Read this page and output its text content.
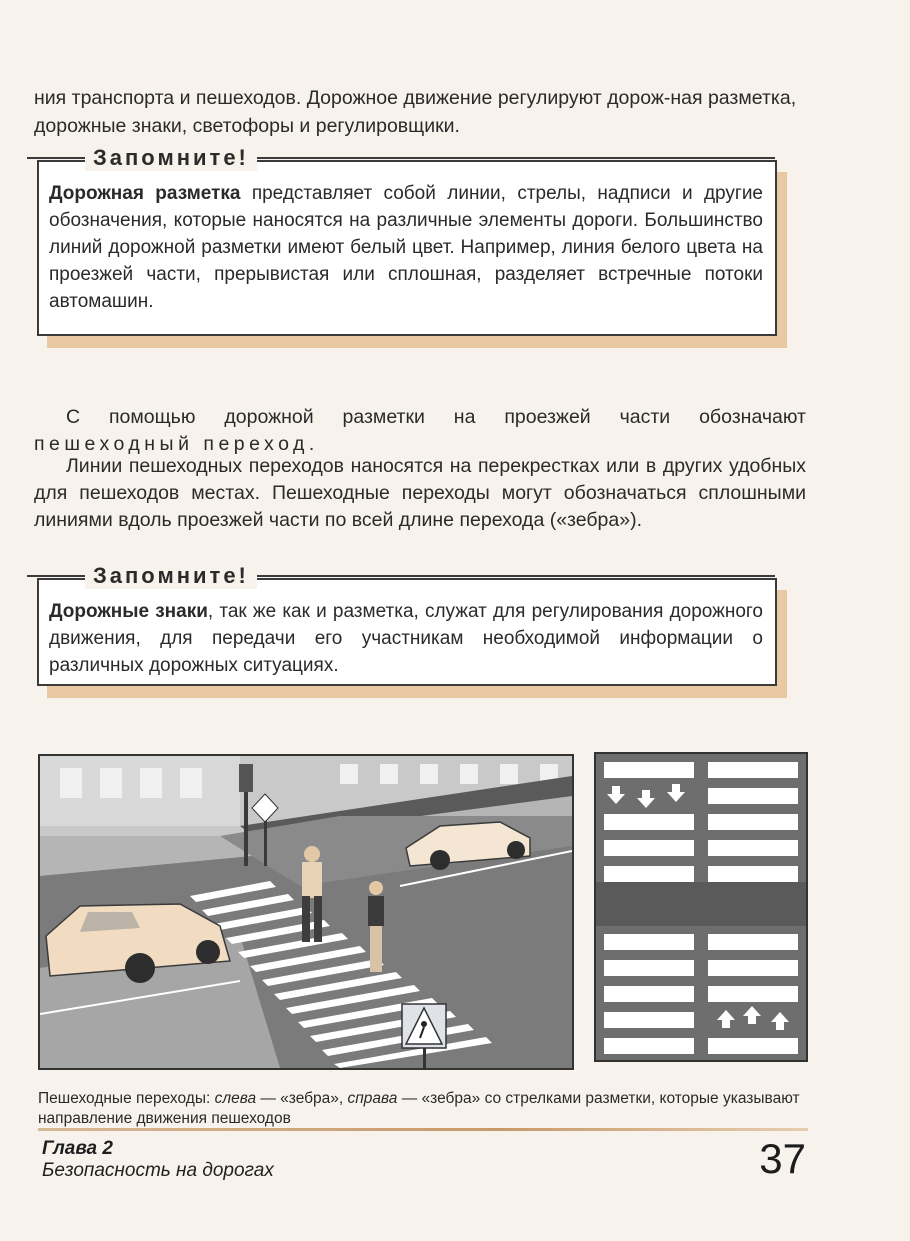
ния транспорта и пешеходов. Дорожное движение регулируют дорож-ная разметка, дорожные знаки, светофоры и регулировщики.

Запомните!
Дорожная разметка представляет собой линии, стрелы, надписи и другие обозначения, которые наносятся на различные элементы дороги. Большинство линий дорожной разметки имеют белый цвет. Например, линия белого цвета на проезжей части, прерывистая или сплошная, разделяет встречные потоки автомашин.

С помощью дорожной разметки на проезжей части обозначают пешеходный переход.

Линии пешеходных переходов наносятся на перекрестках или в других удобных для пешеходов местах. Пешеходные переходы могут обозначаться сплошными линиями вдоль проезжей части по всей длине перехода («зебра»).

Запомните!
Дорожные знаки, так же как и разметка, служат для регулирования дорожного движения, для передачи его участникам необходимой информации о различных дорожных ситуациях.

Пешеходные переходы: слева — «зебра», справа — «зебра» со стрелками разметки, которые указывают направление движения пешеходов

Глава 2
Безопасность на дорогах	37
